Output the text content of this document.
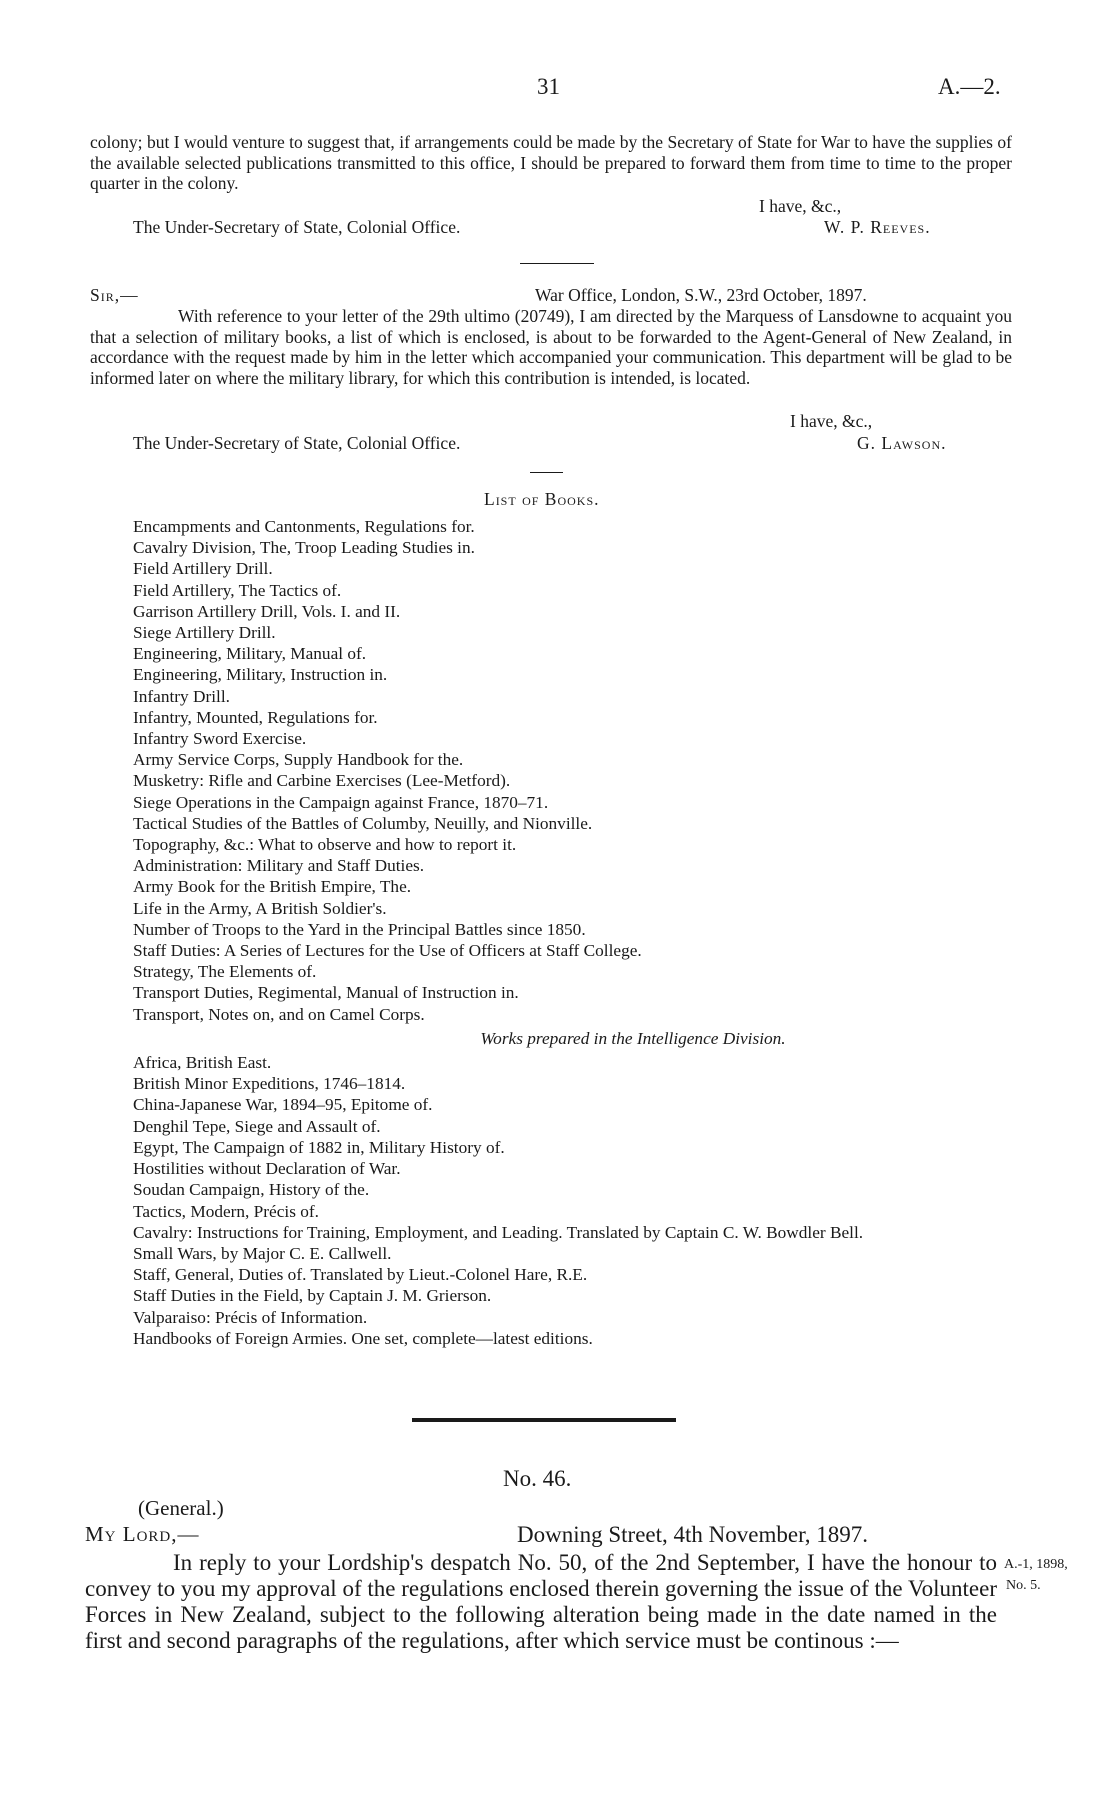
31	A.—2.
colony; but I would venture to suggest that, if arrangements could be made by the Secretary of State for War to have the supplies of the available selected publications transmitted to this office, I should be prepared to forward them from time to time to the proper quarter in the colony.
I have, &c.,
The Under-Secretary of State, Colonial Office.	W. P. Reeves.
Sir,—	War Office, London, S.W., 23rd October, 1897.
With reference to your letter of the 29th ultimo (20749), I am directed by the Marquess of Lansdowne to acquaint you that a selection of military books, a list of which is enclosed, is about to be forwarded to the Agent-General of New Zealand, in accordance with the request made by him in the letter which accompanied your communication. This department will be glad to be informed later on where the military library, for which this contribution is intended, is located.
I have, &c.,
The Under-Secretary of State, Colonial Office.	G. Lawson.
List of Books.
Encampments and Cantonments, Regulations for.
Cavalry Division, The, Troop Leading Studies in.
Field Artillery Drill.
Field Artillery, The Tactics of.
Garrison Artillery Drill, Vols. I. and II.
Siege Artillery Drill.
Engineering, Military, Manual of.
Engineering, Military, Instruction in.
Infantry Drill.
Infantry, Mounted, Regulations for.
Infantry Sword Exercise.
Army Service Corps, Supply Handbook for the.
Musketry: Rifle and Carbine Exercises (Lee-Metford).
Siege Operations in the Campaign against France, 1870–71.
Tactical Studies of the Battles of Columby, Neuilly, and Nionville.
Topography, &c.: What to observe and how to report it.
Administration: Military and Staff Duties.
Army Book for the British Empire, The.
Life in the Army, A British Soldier's.
Number of Troops to the Yard in the Principal Battles since 1850.
Staff Duties: A Series of Lectures for the Use of Officers at Staff College.
Strategy, The Elements of.
Transport Duties, Regimental, Manual of Instruction in.
Transport, Notes on, and on Camel Corps.
Works prepared in the Intelligence Division.
Africa, British East.
British Minor Expeditions, 1746–1814.
China-Japanese War, 1894–95, Epitome of.
Denghil Tepe, Siege and Assault of.
Egypt, The Campaign of 1882 in, Military History of.
Hostilities without Declaration of War.
Soudan Campaign, History of the.
Tactics, Modern, Précis of.
Cavalry: Instructions for Training, Employment, and Leading. Translated by Captain C. W. Bowdler Bell.
Small Wars, by Major C. E. Callwell.
Staff, General, Duties of. Translated by Lieut.-Colonel Hare, R.E.
Staff Duties in the Field, by Captain J. M. Grierson.
Valparaiso: Précis of Information.
Handbooks of Foreign Armies. One set, complete—latest editions.
No. 46.
(General.)
My Lord,—	Downing Street, 4th November, 1897.
In reply to your Lordship's despatch No. 50, of the 2nd September, I have the honour to convey to you my approval of the regulations enclosed therein governing the issue of the Volunteer Forces in New Zealand, subject to the following alteration being made in the date named in the first and second paragraphs of the regulations, after which service must be continous :—
A.-1, 1898,
No. 5.
